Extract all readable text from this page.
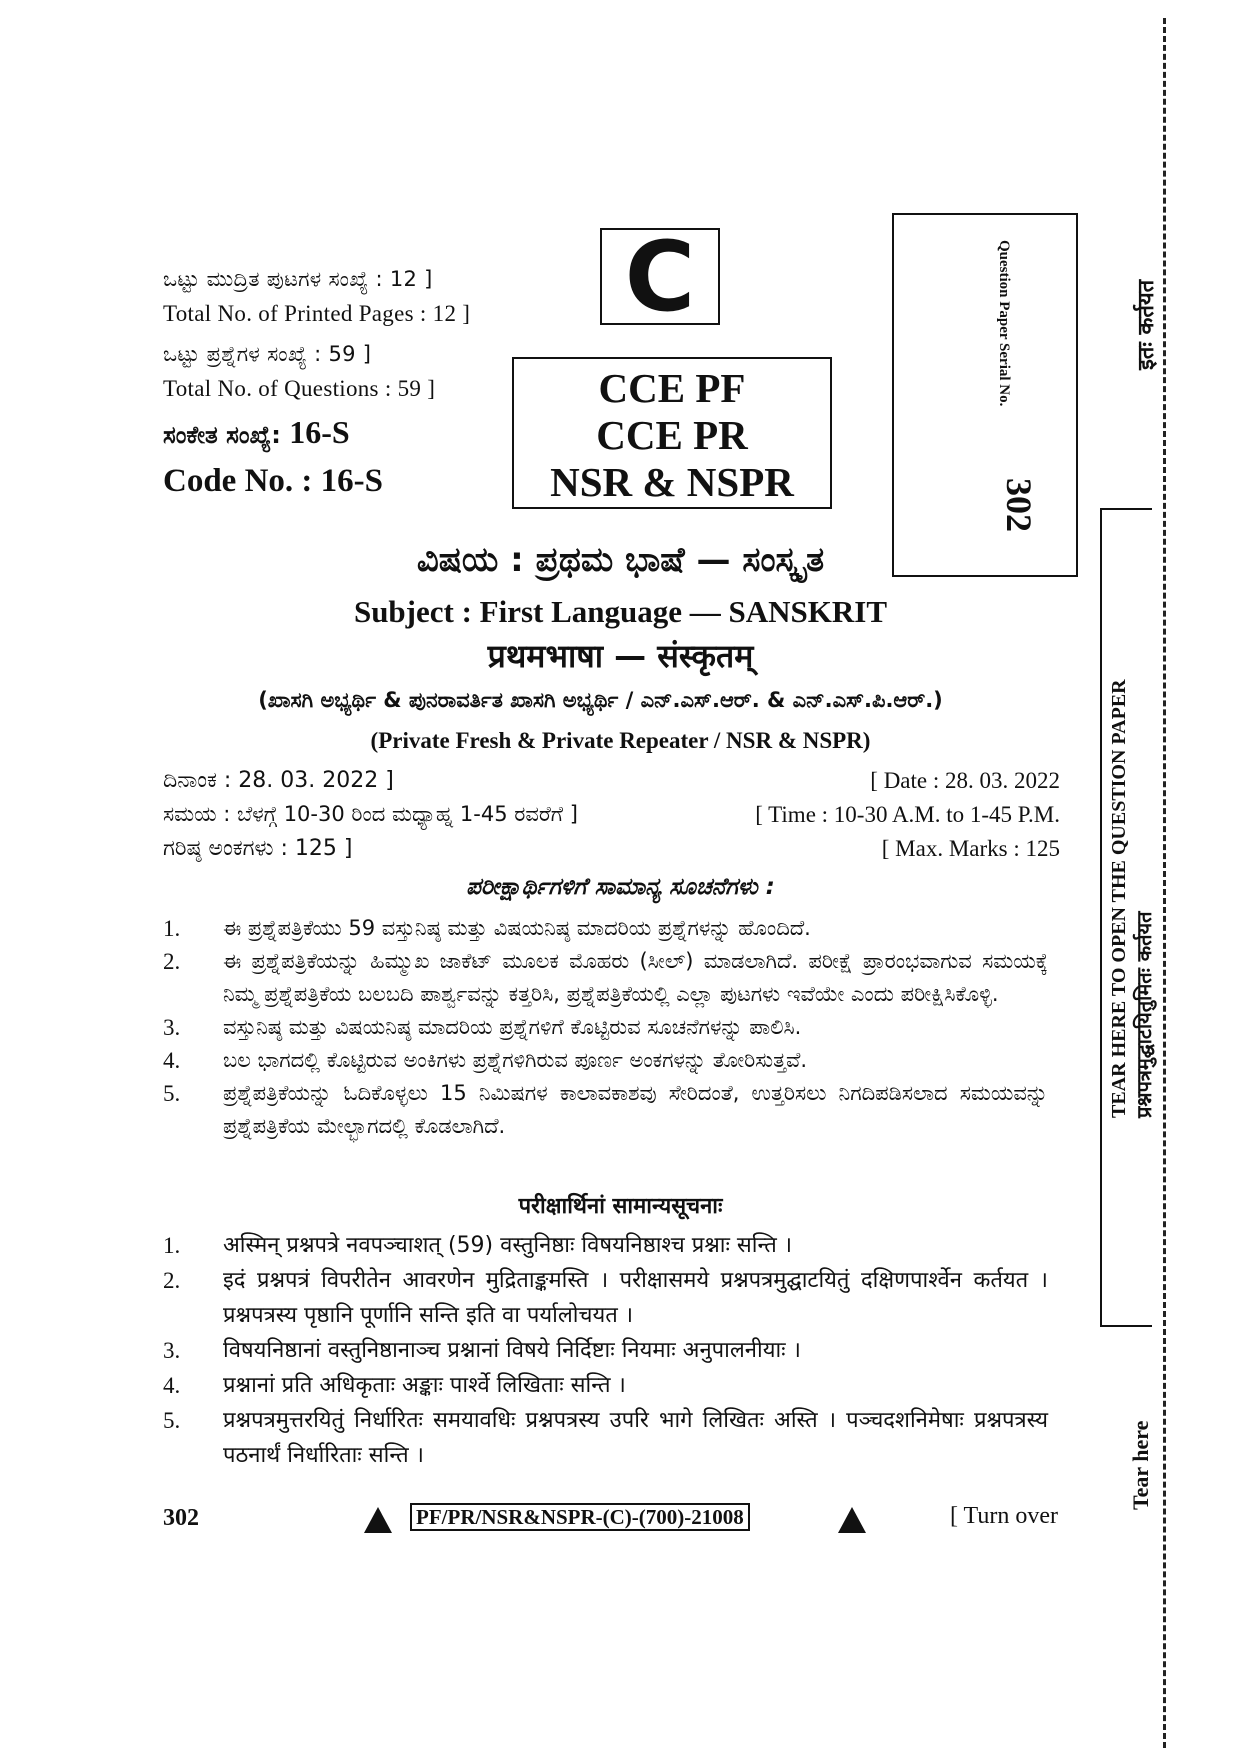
ಒಟ್ಟು ಮುದ್ರಿತ ಪುಟಗಳ ಸಂಖ್ಯೆ : 12 ]
Total No. of Printed Pages : 12 ]
ಒಟ್ಟು ಪ್ರಶ್ನೆಗಳ ಸಂಖ್ಯೆ : 59 ]
Total No. of Questions : 59 ]
ಸಂಕೇತ ಸಂಖ್ಯೆ: 16-S
Code No. : 16-S
C
CCE PF
CCE PR
NSR & NSPR
Question Paper Serial No.
302
ವಿಷಯ : ಪ್ರಥಮ ಭಾಷೆ — ಸಂಸ್ಕೃತ
Subject : First Language — SANSKRIT
प्रथमभाषा — संस्कृतम्
(ಖಾಸಗಿ ಅಭ್ಯರ್ಥಿ & ಪುನರಾವರ್ತಿತ ಖಾಸಗಿ ಅಭ್ಯರ್ಥಿ / ಎನ್.ಎಸ್.ಆರ್. & ಎನ್.ಎಸ್.ಪಿ.ಆರ್.)
(Private Fresh & Private Repeater / NSR & NSPR)
ದಿನಾಂಕ : 28. 03. 2022 ]	[ Date : 28. 03. 2022
ಸಮಯ : ಬೆಳಗ್ಗೆ 10-30 ರಿಂದ ಮಧ್ಯಾಹ್ನ 1-45 ರವರೆಗೆ ]	[ Time : 10-30 A.M. to 1-45 P.M.
ಗರಿಷ್ಠ ಅಂಕಗಳು : 125 ]	[ Max. Marks : 125
ಪರೀಕ್ಷಾರ್ಥಿಗಳಿಗೆ ಸಾಮಾನ್ಯ ಸೂಚನೆಗಳು :
1. ಈ ಪ್ರಶ್ನೆಪತ್ರಿಕೆಯು 59 ವಸ್ತುನಿಷ್ಠ ಮತ್ತು ವಿಷಯನಿಷ್ಠ ಮಾದರಿಯ ಪ್ರಶ್ನೆಗಳನ್ನು ಹೊಂದಿದೆ.
2. ಈ ಪ್ರಶ್ನೆಪತ್ರಿಕೆಯನ್ನು ಹಿಮ್ಮುಖ ಜಾಕೆಟ್ ಮೂಲಕ ಮೊಹರು (ಸೀಲ್) ಮಾಡಲಾಗಿದೆ. ಪರೀಕ್ಷೆ ಪ್ರಾರಂಭವಾಗುವ ಸಮಯಕ್ಕೆ ನಿಮ್ಮ ಪ್ರಶ್ನೆಪತ್ರಿಕೆಯ ಬಲಬದಿ ಪಾರ್ಶ್ವವನ್ನು ಕತ್ತರಿಸಿ, ಪ್ರಶ್ನೆಪತ್ರಿಕೆಯಲ್ಲಿ ಎಲ್ಲಾ ಪುಟಗಳು ಇವೆಯೇ ಎಂದು ಪರೀಕ್ಷಿಸಿಕೊಳ್ಳಿ.
3. ವಸ್ತುನಿಷ್ಠ ಮತ್ತು ವಿಷಯನಿಷ್ಠ ಮಾದರಿಯ ಪ್ರಶ್ನೆಗಳಿಗೆ ಕೊಟ್ಟಿರುವ ಸೂಚನೆಗಳನ್ನು ಪಾಲಿಸಿ.
4. ಬಲ ಭಾಗದಲ್ಲಿ ಕೊಟ್ಟಿರುವ ಅಂಕಿಗಳು ಪ್ರಶ್ನೆಗಳಿಗಿರುವ ಪೂರ್ಣ ಅಂಕಗಳನ್ನು ತೋರಿಸುತ್ತವೆ.
5. ಪ್ರಶ್ನೆಪತ್ರಿಕೆಯನ್ನು ಓದಿಕೊಳ್ಳಲು 15 ನಿಮಿಷಗಳ ಕಾಲಾವಕಾಶವು ಸೇರಿದಂತೆ, ಉತ್ತರಿಸಲು ನಿಗದಿಪಡಿಸಲಾದ ಸಮಯವನ್ನು ಪ್ರಶ್ನೆಪತ್ರಿಕೆಯ ಮೇಲ್ಭಾಗದಲ್ಲಿ ಕೊಡಲಾಗಿದೆ.
परीक्षार्थिनां सामान्यसूचनाः
1. अस्मिन् प्रश्नपत्रे नवपञ्चाशत् (59) वस्तुनिष्ठाः विषयनिष्ठाश्च प्रश्नाः सन्ति ।
2. इदं प्रश्नपत्रं विपरीतेन आवरणेन मुद्रिताङ्कमस्ति । परीक्षासमये प्रश्नपत्रमुद्घाटयितुं दक्षिणपार्श्वेन कर्तयत । प्रश्नपत्रस्य पृष्ठानि पूर्णानि सन्ति इति वा पर्यालोचयत ।
3. विषयनिष्ठानां वस्तुनिष्ठानाञ्च प्रश्नानां विषये निर्दिष्टाः नियमाः अनुपालनीयाः ।
4. प्रश्नानां प्रति अधिकृताः अङ्काः पार्श्वे लिखिताः सन्ति ।
5. प्रश्नपत्रमुत्तरयितुं निर्धारितः समयावधिः प्रश्नपत्रस्य उपरि भागे लिखितः अस्ति । पञ्चदशनिमेषाः प्रश्नपत्रस्य पठनार्थं निर्धारिताः सन्ति ।
302	PF/PR/NSR&NSPR-(C)-(700)-21008	[ Turn over
इतः कर्तयत
TEAR HERE TO OPEN THE QUESTION PAPER प्रश्नपत्रमुद्घाटयितुमितः कर्तयत
Tear here
